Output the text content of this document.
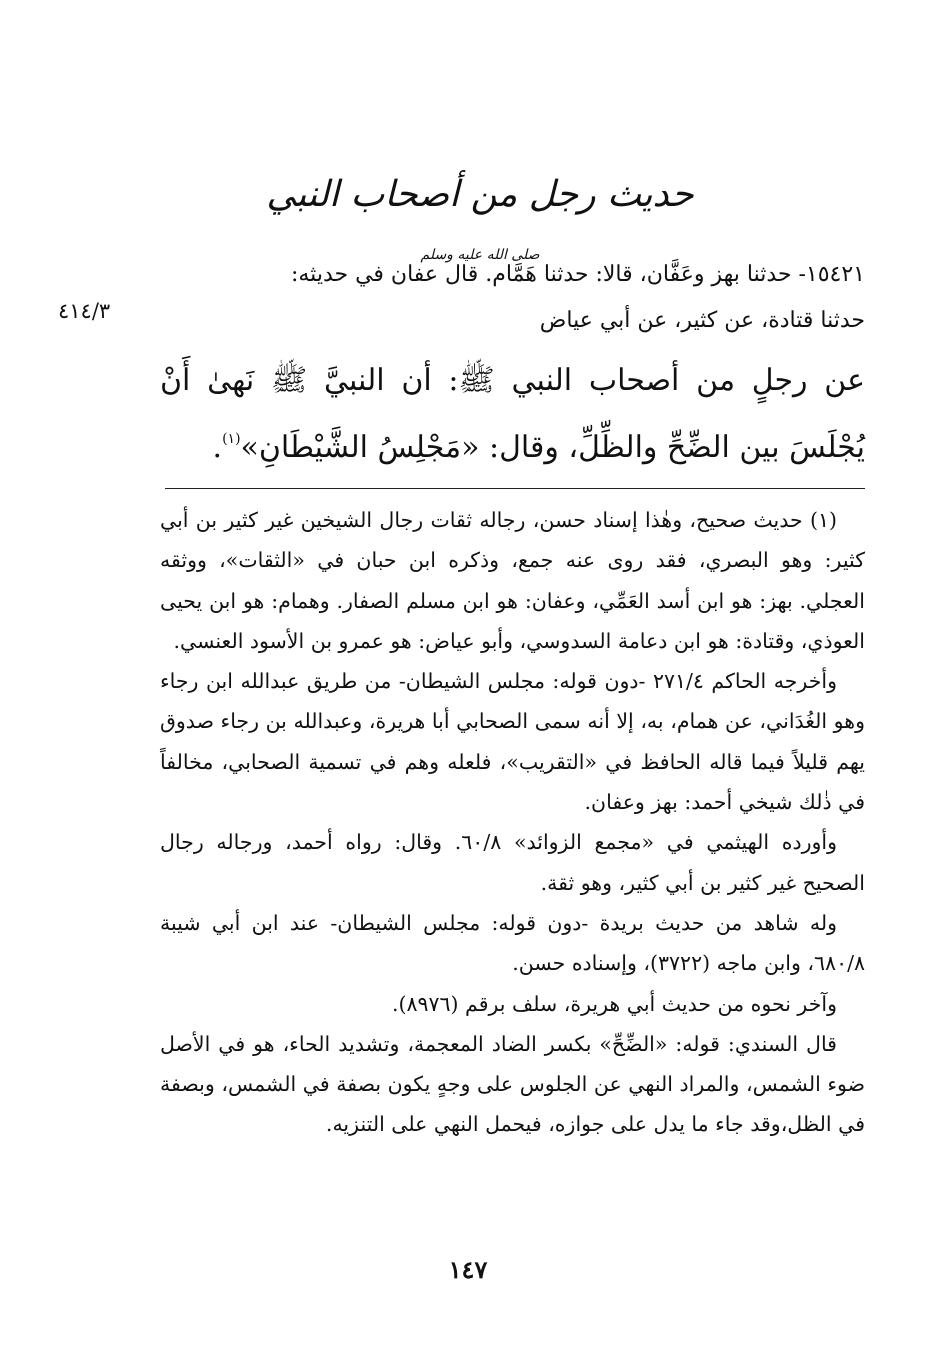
حديث رجل من أصحاب النبي $^{صلى الله عليه وسلم}$

١٥٤٢١- حدثنا بهز وعَفَّان، قالا: حدثنا هَمَّام. قال عفان في حديثه:

حدثنا قتادة، عن كثير، عن أبي عياض

٤١٤/٣

عن رجلٍ من أصحاب النبي ﷺ: أن النبيَّ ﷺ نَهىٰ أَنْ يُجْلَسَ بين الضِّحِّ والظِّلِّ، وقال: «مَجْلِسُ الشَّيْطَانِ»$^{(١)}$.

(١) حديث صحيح، وهٰذا إسناد حسن، رجاله ثقات رجال الشيخين غير كثير بن أبي كثير: وهو البصري، فقد روى عنه جمع، وذكره ابن حبان في «الثقات»، ووثقه العجلي. بهز: هو ابن أسد العَمِّي، وعفان: هو ابن مسلم الصفار. وهمام: هو ابن يحيى العوذي، وقتادة: هو ابن دعامة السدوسي، وأبو عياض: هو عمرو بن الأسود العنسي.

وأخرجه الحاكم ٢٧١/٤ -دون قوله: مجلس الشيطان- من طريق عبدالله ابن رجاء وهو الغُدَاني، عن همام، به، إلا أنه سمى الصحابي أبا هريرة، وعبدالله بن رجاء صدوق يهم قليلاً فيما قاله الحافظ في «التقريب»، فلعله وهم في تسمية الصحابي، مخالفاً في ذٰلك شيخي أحمد: بهز وعفان.

وأورده الهيثمي في «مجمع الزوائد» ٦٠/٨. وقال: رواه أحمد، ورجاله رجال الصحيح غير كثير بن أبي كثير، وهو ثقة.

وله شاهد من حديث بريدة -دون قوله: مجلس الشيطان- عند ابن أبي شيبة ٦٨٠/٨، وابن ماجه (٣٧٢٢)، وإسناده حسن.

وآخر نحوه من حديث أبي هريرة، سلف برقم (٨٩٧٦).

قال السندي: قوله: «الضِّحِّ» بكسر الضاد المعجمة، وتشديد الحاء، هو في الأصل ضوء الشمس، والمراد النهي عن الجلوس على وجهٍ يكون بصفة في الشمس، وبصفة في الظل،وقد جاء ما يدل على جوازه، فيحمل النهي على التنزيه.

١٤٧
